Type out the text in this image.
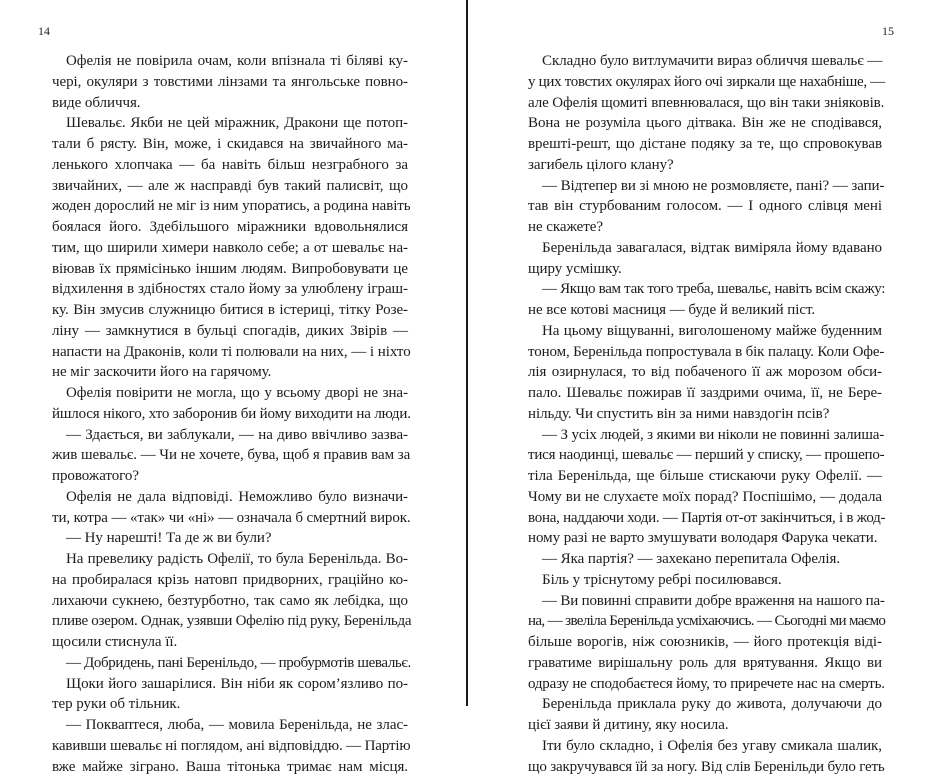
14
Офелія не повірила очам, коли впізнала ті біляві ку-
чері, окуляри з товстими лінзами та янгольське повно-
виде обличчя.
Шевальє. Якби не цей міражник, Дракони ще потоп-
тали б рясту. Він, може, і скидався на звичайного ма-
ленького хлопчака — ба навіть більш незграбного за
звичайних, — але ж насправді був такий палисвіт, що
жоден дорослий не міг із ним упоратись, а родина навіть
боялася його. Здебільшого міражники вдовольнялися
тим, що ширили химери навколо себе; а от шевальє на-
віював їх прямісінько іншим людям. Випробовувати це
відхилення в здібностях стало йому за улюблену іграш-
ку. Він змусив служницю битися в істериці, тітку Розе-
ліну — замкнутися в бульці спогадів, диких Звірів —
напасти на Драконів, коли ті полювали на них, — і ніхто
не міг заскочити його на гарячому.
Офелія повірити не могла, що у всьому дворі не зна-
йшлося нікого, хто заборонив би йому виходити на люди.
— Здається, ви заблукали, — на диво ввічливо зазва-
жив шевальє. — Чи не хочете, бува, щоб я правив вам за
провожатого?
Офелія не дала відповіді. Неможливо було визначи-
ти, котра — «так» чи «ні» — означала б смертний вирок.
— Ну нарешті! Та де ж ви були?
На превелику радість Офелії, то була Беренільда. Во-
на пробиралася крізь натовп придворних, граційно ко-
лихаючи сукнею, безтурботно, так само як лебідка, що
пливе озером. Однак, узявши Офелію під руку, Беренільда
щосили стиснула її.
— Добридень, пані Беренільдо, — пробурмотів шевальє.
Щоки його зашарілися. Він ніби як сором’язливо по-
тер руки об тільник.
— Покваптеся, люба, — мовила Беренільда, не злас-
кавивши шевальє ні поглядом, ані відповіддю. — Партію
вже майже зіграно. Ваша тітонька тримає нам місця.
15
Складно було витлумачити вираз обличчя шевальє —
у цих товстих окулярах його очі зиркали ще нахабніше, —
але Офелія щомиті впевнювалася, що він таки зніяковів.
Вона не розуміла цього дітвака. Він же не сподівався,
врешті-решт, що дістане подяку за те, що спровокував
загибель цілого клану?
— Відтепер ви зі мною не розмовляєте, пані? — запи-
тав він стурбованим голосом. — І одного слівця мені
не скажете?
Беренільда завагалася, відтак виміряла йому вдавано
щиру усмішку.
— Якщо вам так того треба, шевальє, навіть всім скажу:
не все котові масниця — буде й великий піст.
На цьому віщуванні, виголошеному майже буденним
тоном, Беренільда попростувала в бік палацу. Коли Офе-
лія озирнулася, то від побаченого її аж морозом обси-
пало. Шевальє пожирав її заздрими очима, її, не Бере-
нільду. Чи спустить він за ними навздогін псів?
— З усіх людей, з якими ви ніколи не повинні залиша-
тися наодинці, шевальє — перший у списку, — прошепо-
тіла Беренільда, ще більше стискаючи руку Офелії. —
Чому ви не слухаєте моїх порад? Поспішімо, — додала
вона, наддаючи ходи. — Партія от-от закінчиться, і в жод-
ному разі не варто змушувати володаря Фарука чекати.
— Яка партія? — захекано перепитала Офелія.
Біль у тріснутому ребрі посилювався.
— Ви повинні справити добре враження на нашого па-
на, — звеліла Беренільда усміхаючись. — Сьогодні ми маємо
більше ворогів, ніж союзників, — його протекція віді-
граватиме вирішальну роль для врятування. Якщо ви
одразу не сподобаєтеся йому, то приречете нас на смерть.
Беренільда приклала руку до живота, долучаючи до
цієї заяви й дитину, яку носила.
Іти було складно, і Офелія без угаву смикала шалик,
що закручувався їй за ногу. Від слів Беренільди було геть
